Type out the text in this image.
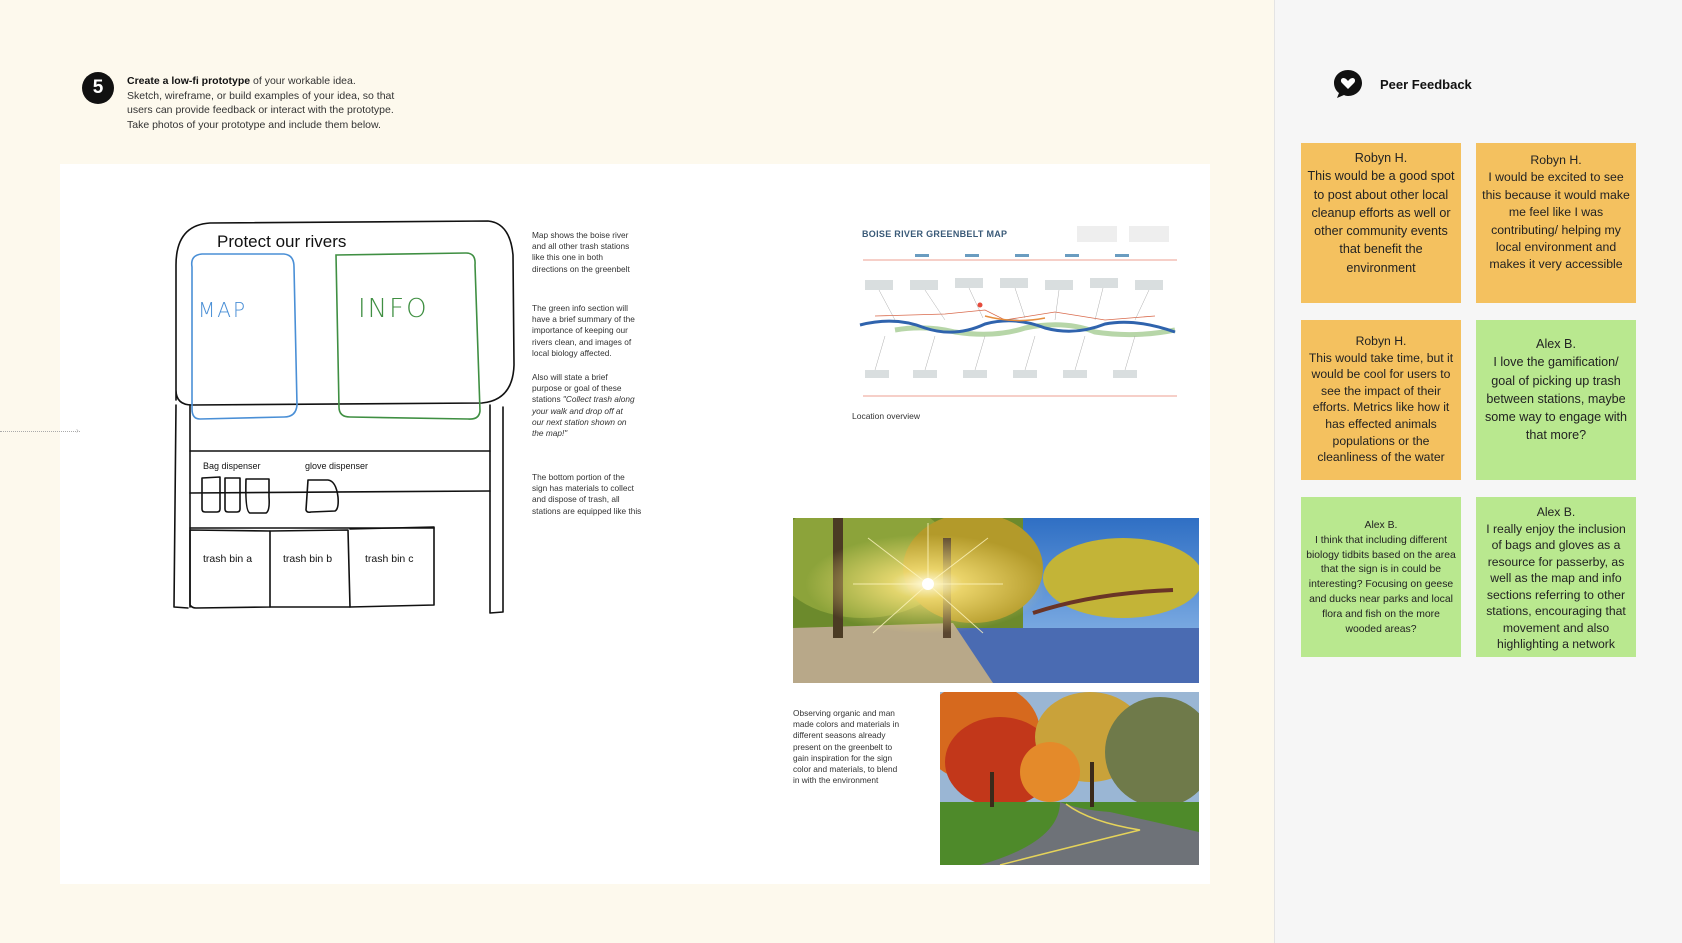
5 Create a low-fi prototype of your workable idea.
Sketch, wireframe, or build examples of your idea, so that
users can provide feedback or interact with the prototype.
Take photos of your prototype and include them below.
›
Protect our rivers
MAP	INFO
Bag dispenser	glove dispenser
trash bin a	trash bin b	trash bin c
Map shows the boise river
and all other trash stations
like this one in both
directions on the greenbelt
The green info section will
have a brief summary of the
importance of keeping our
rivers clean, and images of
local biology affected.
Also will state a brief
purpose or goal of these
stations "Collect trash along
your walk and drop off at
our next station shown on
the map!"
The bottom portion of the
sign has materials to collect
and dispose of trash, all
stations are equipped like this
BOISE RIVER GREENBELT MAP
Location overview
Observing organic and man
made colors and materials in
different seasons already
present on the greenbelt to
gain inspiration for the sign
color and materials, to blend
in with the environment
Peer Feedback
Robyn H.
This would be a good spot to post about other local cleanup efforts as well or other community events that benefit the environment
Robyn H.
I would be excited to see this because it would make me feel like I was contributing/ helping my local environment and makes it very accessible
Robyn H.
This would take time, but it would be cool for users to see the impact of their efforts. Metrics like how it has effected animals populations or the cleanliness of the water
Alex B.
I love the gamification/ goal of picking up trash between stations, maybe some way to engage with that more?
Alex B.
I think that including different biology tidbits based on the area that the sign is in could be interesting? Focusing on geese and ducks near parks and local flora and fish on the more wooded areas?
Alex B.
I really enjoy the inclusion of bags and gloves as a resource for passerby, as well as the map and info sections referring to other stations, encouraging that movement and also highlighting a network
